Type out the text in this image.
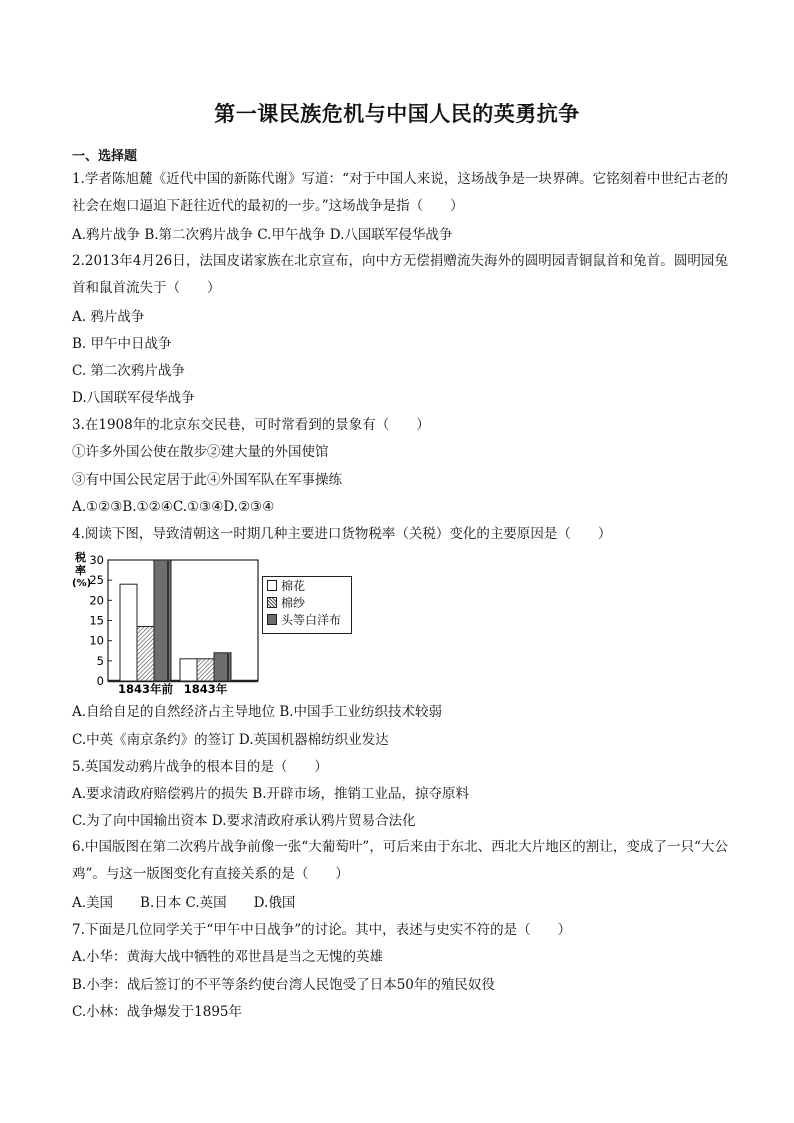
第一课民族危机与中国人民的英勇抗争
一、选择题
1.学者陈旭麓《近代中国的新陈代谢》写道：“对于中国人来说，这场战争是一块界碑。它铭刻着中世纪古老的社会在炮口逼迫下赶往近代的最初的一步。”这场战争是指（　　）
A.鸦片战争 B.第二次鸦片战争 C.甲午战争 D.八国联军侵华战争
2.2013年4月26日，法国皮诺家族在北京宣布，向中方无偿捐赠流失海外的圆明园青铜鼠首和兔首。圆明园兔首和鼠首流失于（　　）
A. 鸦片战争
B. 甲午中日战争
C. 第二次鸦片战争
D.八国联军侵华战争
3.在1908年的北京东交民巷，可时常看到的景象有（　　）
①许多外国公使在散步②建大量的外国使馆
③有中国公民定居于此④外国军队在军事操练
A.①②③B.①②④C.①③④D.②③④
4.阅读下图，导致清朝这一时期几种主要进口货物税率（关税）变化的主要原因是（　　）
税
率
(%)
0
5
10
15
20
25
30
1843年前 1843年
棉花
棉纱
头等白洋布
A.自给自足的自然经济占主导地位 B.中国手工业纺织技术较弱
C.中英《南京条约》的签订 D.英国机器棉纺织业发达
5.英国发动鸦片战争的根本目的是（　　）
A.要求清政府赔偿鸦片的损失 B.开辟市场，推销工业品，掠夺原料
C.为了向中国输出资本 D.要求清政府承认鸦片贸易合法化
6.中国版图在第二次鸦片战争前像一张“大葡萄叶”，可后来由于东北、西北大片地区的割让，变成了一只“大公鸡”。与这一版图变化有直接关系的是（　　）
A.美国　　B.日本 C.英国　　D.俄国
7.下面是几位同学关于“甲午中日战争”的讨论。其中，表述与史实不符的是（　　）
A.小华：黄海大战中牺牲的邓世昌是当之无愧的英雄
B.小李：战后签订的不平等条约使台湾人民饱受了日本50年的殖民奴役
C.小林：战争爆发于1895年
